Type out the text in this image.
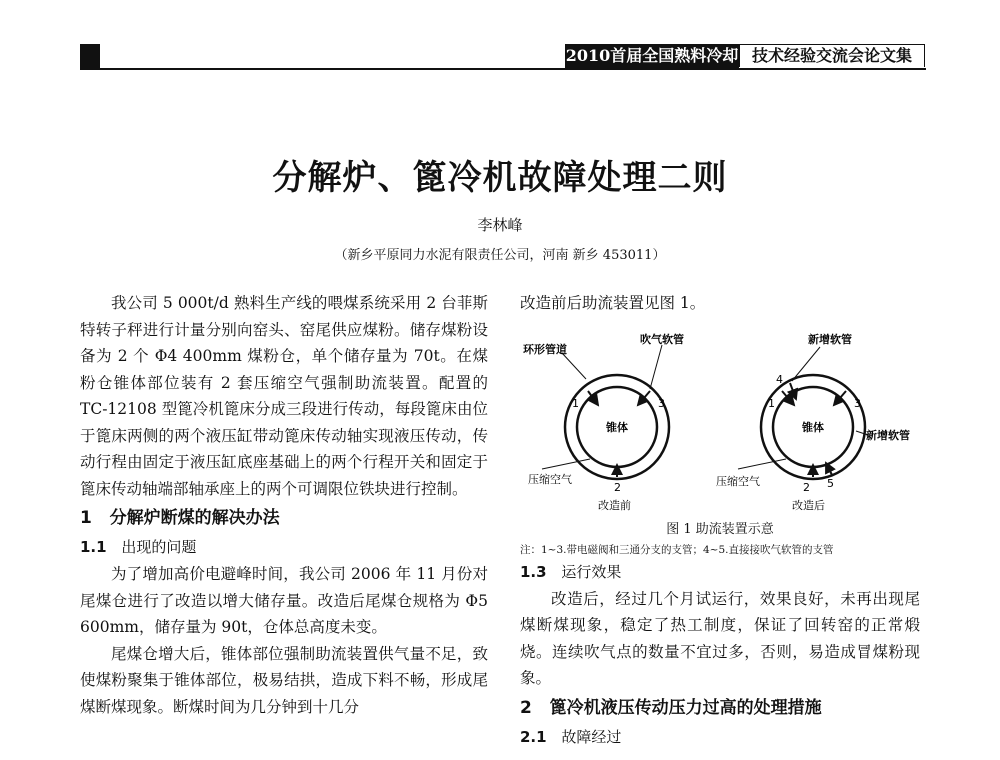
2010首届全国熟料冷却 技术经验交流会论文集
分解炉、篦冷机故障处理二则
李林峰
（新乡平原同力水泥有限责任公司，河南 新乡 453011）

我公司 5 000t/d 熟料生产线的喂煤系统采用 2 台菲斯特转子秤进行计量分别向窑头、窑尾供应煤粉。储存煤粉设备为 2 个 Φ4 400mm 煤粉仓，单个储存量为 70t。在煤粉仓锥体部位装有 2 套压缩空气强制助流装置。配置的 TC-12108 型篦冷机篦床分成三段进行传动，每段篦床由位于篦床两侧的两个液压缸带动篦床传动轴实现液压传动，传动行程由固定于液压缸底座基础上的两个行程开关和固定于篦床传动轴端部轴承座上的两个可调限位铁块进行控制。

1 分解炉断煤的解决办法

1.1 出现的问题

为了增加高价电避峰时间，我公司 2006 年 11 月份对尾煤仓进行了改造以增大储存量。改造后尾煤仓规格为 Φ5 600mm，储存量为 90t，仓体总高度未变。

尾煤仓增大后，锥体部位强制助流装置供气量不足，致使煤粉聚集于锥体部位，极易结拱，造成下料不畅，形成尾煤断煤现象。断煤时间为几分钟到十几分

改造前后助流装置见图 1。

环形管道
吹气软管
锥体
压缩空气
1	3
2
改造前
新增软管
新增软管
锥体
压缩空气
1	3
2
4
5
改造后

图 1 助流装置示意

注：1~3.带电磁阀和三通分支的支管；4~5.直接接吹气软管的支管

1.3 运行效果

改造后，经过几个月试运行，效果良好，未再出现尾煤断煤现象，稳定了热工制度，保证了回转窑的正常煅烧。连续吹气点的数量不宜过多，否则，易造成冒煤粉现象。

2 篦冷机液压传动压力过高的处理措施

2.1 故障经过
